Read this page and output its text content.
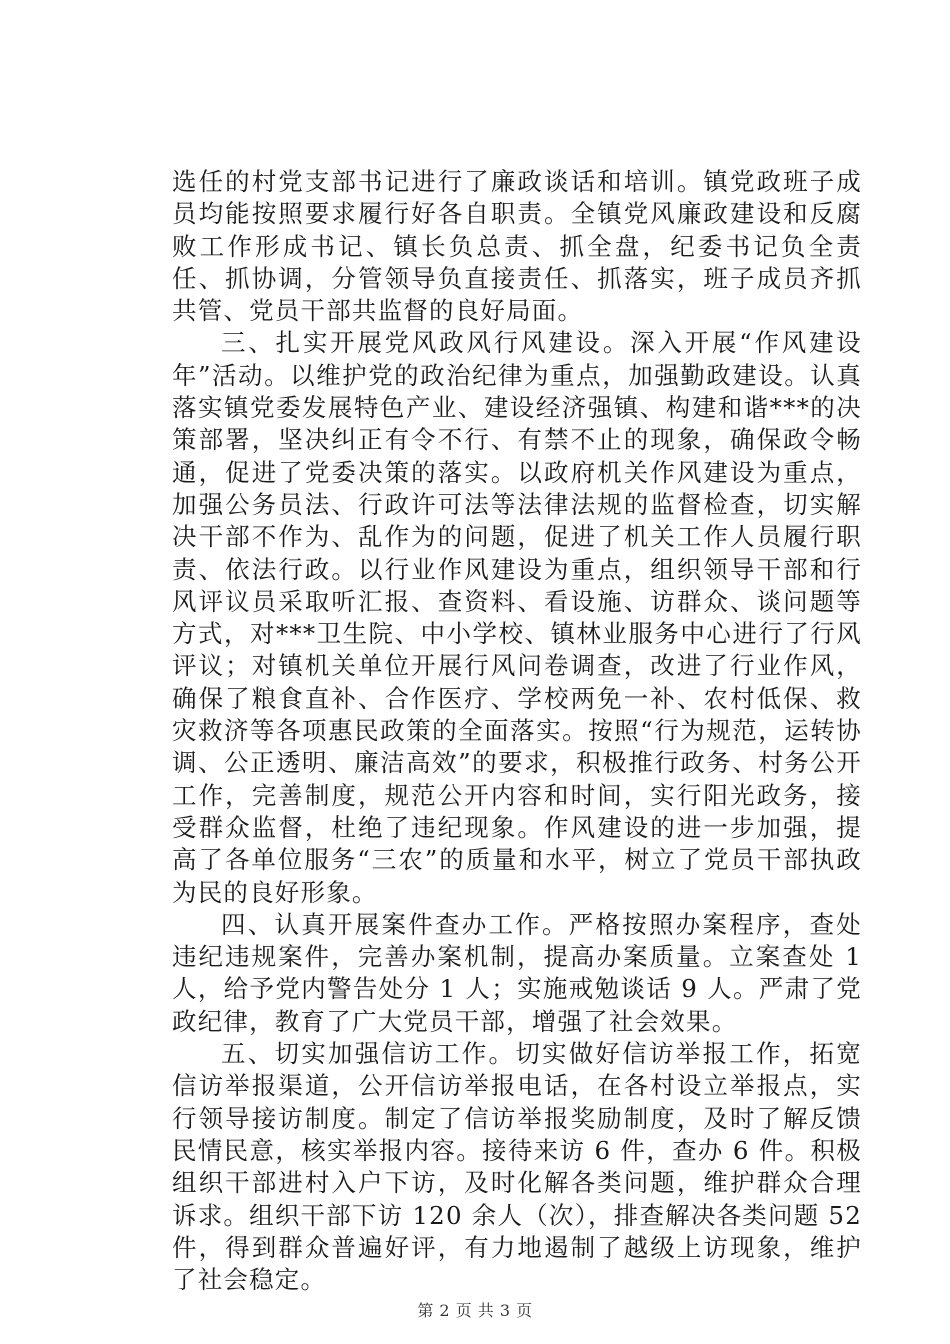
选任的村党支部书记进行了廉政谈话和培训。镇党政班子成员均能按照要求履行好各自职责。全镇党风廉政建设和反腐败工作形成书记、镇长负总责、抓全盘，纪委书记负全责任、抓协调，分管领导负直接责任、抓落实，班子成员齐抓共管、党员干部共监督的良好局面。

三、扎实开展党风政风行风建设。深入开展“作风建设年”活动。以维护党的政治纪律为重点，加强勤政建设。认真落实镇党委发展特色产业、建设经济强镇、构建和谐***的决策部署，坚决纠正有令不行、有禁不止的现象，确保政令畅通，促进了党委决策的落实。以政府机关作风建设为重点，加强公务员法、行政许可法等法律法规的监督检查，切实解决干部不作为、乱作为的问题，促进了机关工作人员履行职责、依法行政。以行业作风建设为重点，组织领导干部和行风评议员采取听汇报、查资料、看设施、访群众、谈问题等方式，对***卫生院、中小学校、镇林业服务中心进行了行风评议；对镇机关单位开展行风问卷调查，改进了行业作风，确保了粮食直补、合作医疗、学校两免一补、农村低保、救灾救济等各项惠民政策的全面落实。按照“行为规范，运转协调、公正透明、廉洁高效”的要求，积极推行政务、村务公开工作，完善制度，规范公开内容和时间，实行阳光政务，接受群众监督，杜绝了违纪现象。作风建设的进一步加强，提高了各单位服务“三农”的质量和水平，树立了党员干部执政为民的良好形象。

四、认真开展案件查办工作。严格按照办案程序，查处违纪违规案件，完善办案机制，提高办案质量。立案查处 1 人，给予党内警告处分 1 人；实施戒勉谈话 9 人。严肃了党政纪律，教育了广大党员干部，增强了社会效果。

五、切实加强信访工作。切实做好信访举报工作，拓宽信访举报渠道，公开信访举报电话，在各村设立举报点，实行领导接访制度。制定了信访举报奖励制度，及时了解反馈民情民意，核实举报内容。接待来访 6 件，查办 6 件。积极组织干部进村入户下访，及时化解各类问题，维护群众合理诉求。组织干部下访 120 余人（次），排查解决各类问题 52 件，得到群众普遍好评，有力地遏制了越级上访现象，维护了社会稳定。

第 2 页 共 3 页
